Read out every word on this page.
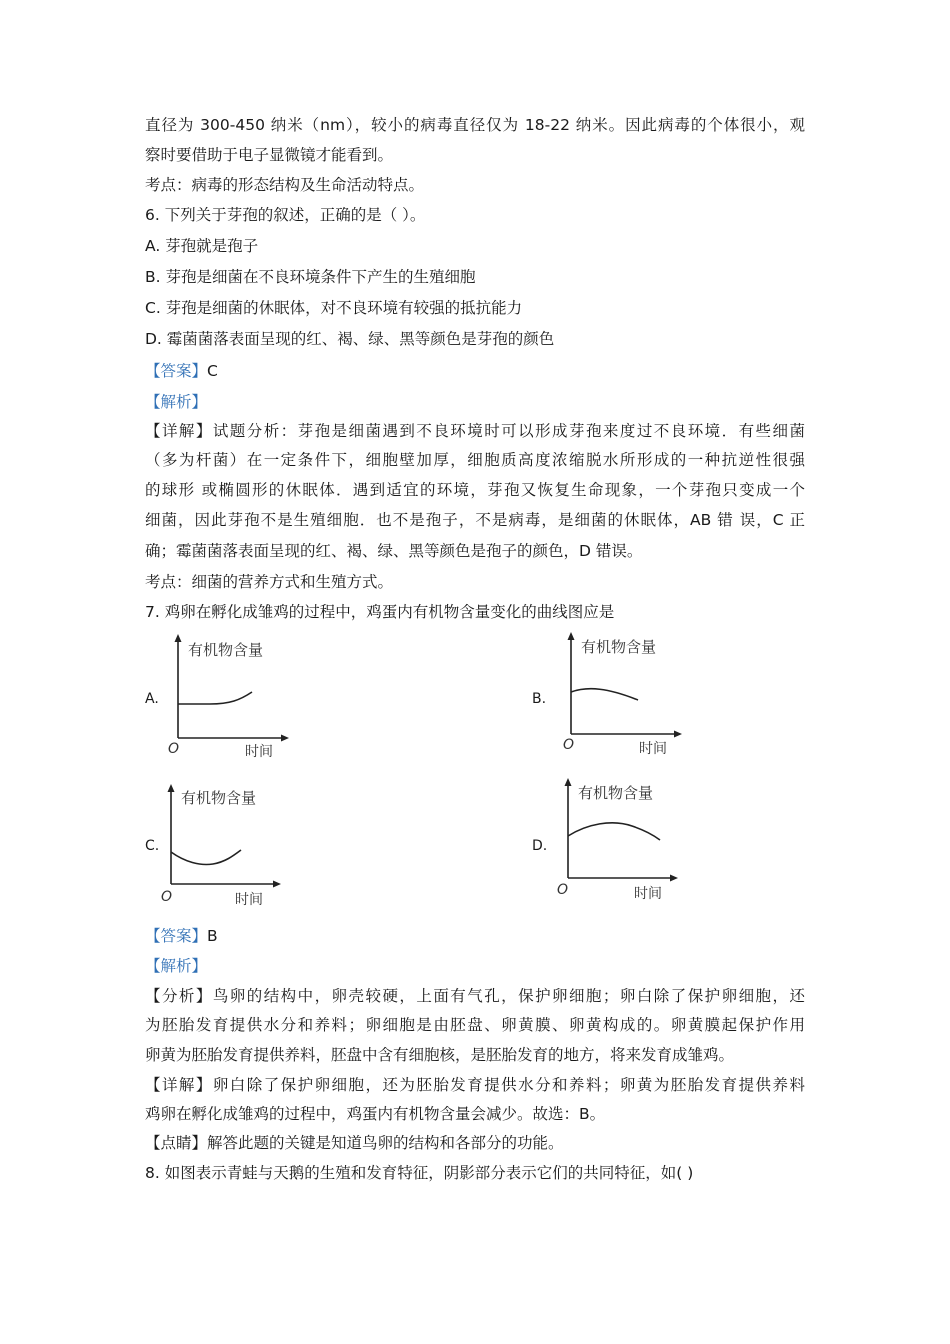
直径为 300-450 纳米（nm），较小的病毒直径仅为 18-22 纳米。因此病毒的个体很小，观
察时要借助于电子显微镜才能看到。
考点：病毒的形态结构及生命活动特点。
6. 下列关于芽孢的叙述，正确的是（ ）。
A. 芽孢就是孢子
B. 芽孢是细菌在不良环境条件下产生的生殖细胞
C. 芽孢是细菌的休眠体，对不良环境有较强的抵抗能力
D. 霉菌菌落表面呈现的红、褐、绿、黑等颜色是芽孢的颜色
【答案】C
【解析】
【详解】试题分析：芽孢是细菌遇到不良环境时可以形成芽孢来度过不良环境．有些细菌
（多为杆菌）在一定条件下，细胞壁加厚，细胞质高度浓缩脱水所形成的一种抗逆性很强
的球形 或椭圆形的休眠体．遇到适宜的环境，芽孢又恢复生命现象，一个芽孢只变成一个
细菌，因此芽孢不是生殖细胞．也不是孢子，不是病毒，是细菌的休眠体，AB 错 误，C 正
确；霉菌菌落表面呈现的红、褐、绿、黑等颜色是孢子的颜色，D 错误。
考点：细菌的营养方式和生殖方式。
7. 鸡卵在孵化成雏鸡的过程中，鸡蛋内有机物含量变化的曲线图应是
A.
有机物含量
O	时间
B.
有机物含量
O	时间
C.
有机物含量
O	时间
D.
有机物含量
O	时间
【答案】B
【解析】
【分析】鸟卵的结构中，卵壳较硬，上面有气孔，保护卵细胞；卵白除了保护卵细胞，还
为胚胎发育提供水分和养料；卵细胞是由胚盘、卵黄膜、卵黄构成的。卵黄膜起保护作用
卵黄为胚胎发育提供养料，胚盘中含有细胞核，是胚胎发育的地方，将来发育成雏鸡。
【详解】卵白除了保护卵细胞，还为胚胎发育提供水分和养料；卵黄为胚胎发育提供养料
鸡卵在孵化成雏鸡的过程中，鸡蛋内有机物含量会减少。故选：B。
【点睛】解答此题的关键是知道鸟卵的结构和各部分的功能。
8. 如图表示青蛙与天鹅的生殖和发育特征，阴影部分表示它们的共同特征，如( )
